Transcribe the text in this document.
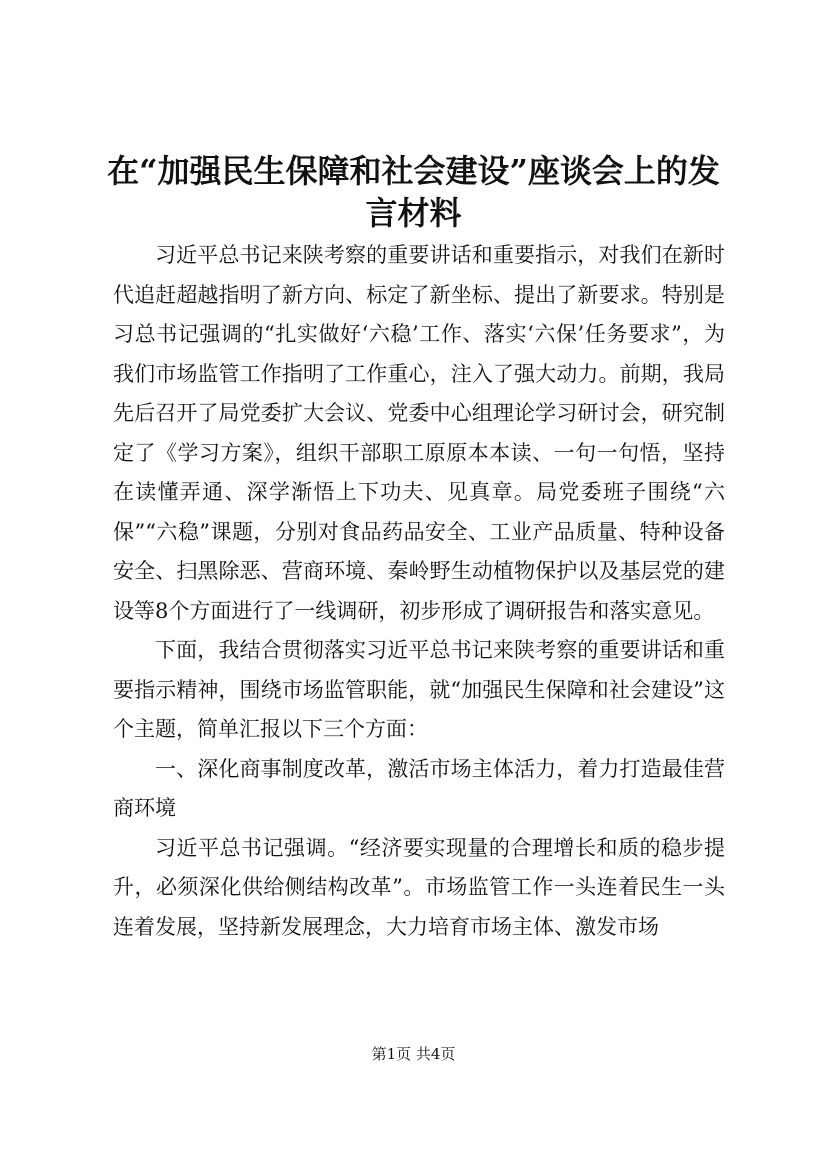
在“加强民生保障和社会建设”座谈会上的发言材料

习近平总书记来陕考察的重要讲话和重要指示，对我们在新时代追赶超越指明了新方向、标定了新坐标、提出了新要求。特别是习总书记强调的“扎实做好‘六稳’工作、落实‘六保’任务要求”，为我们市场监管工作指明了工作重心，注入了强大动力。前期，我局先后召开了局党委扩大会议、党委中心组理论学习研讨会，研究制定了《学习方案》，组织干部职工原原本本读、一句一句悟，坚持在读懂弄通、深学渐悟上下功夫、见真章。局党委班子围绕“六保”“六稳”课题，分别对食品药品安全、工业产品质量、特种设备安全、扫黑除恶、营商环境、秦岭野生动植物保护以及基层党的建设等8个方面进行了一线调研，初步形成了调研报告和落实意见。

下面，我结合贯彻落实习近平总书记来陕考察的重要讲话和重要指示精神，围绕市场监管职能，就“加强民生保障和社会建设”这个主题，简单汇报以下三个方面：

一、深化商事制度改革，激活市场主体活力，着力打造最佳营商环境

习近平总书记强调。“经济要实现量的合理增长和质的稳步提升，必须深化供给侧结构改革”。市场监管工作一头连着民生一头连着发展，坚持新发展理念，大力培育市场主体、激发市场

第1页 共4页
